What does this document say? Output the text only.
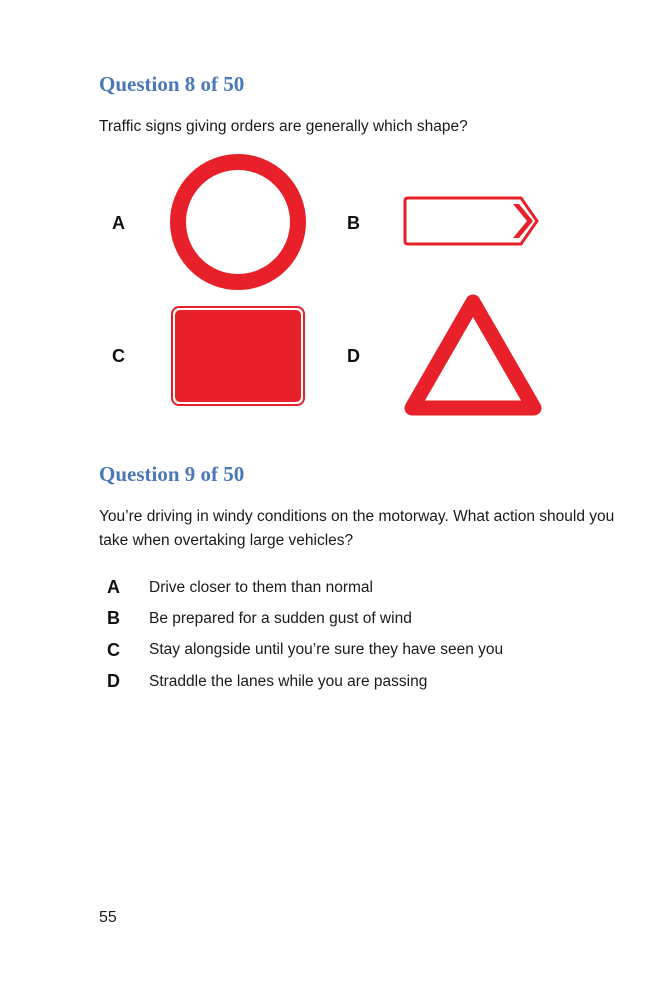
Question 8 of 50

Traffic signs giving orders are generally which shape?

A	B
C	D
Question 9 of 50

You’re driving in windy conditions on the motorway. What action should you take when overtaking large vehicles?

A	Drive closer to them than normal
B	Be prepared for a sudden gust of wind
C	Stay alongside until you’re sure they have seen you
D	Straddle the lanes while you are passing

55
